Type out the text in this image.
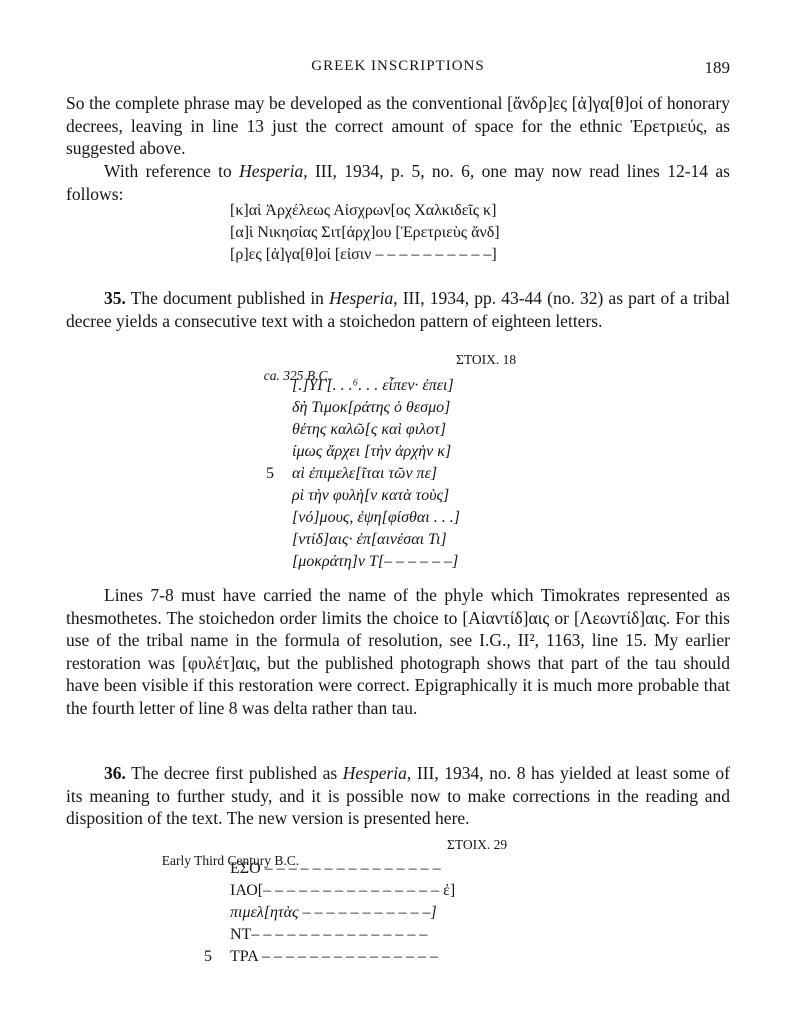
GREEK INSCRIPTIONS	189

So the complete phrase may be developed as the conventional [ἄνδρ]ες [ἀ]γα[θ]οί of honorary decrees, leaving in line 13 just the correct amount of space for the ethnic Ἐρετριεύς, as suggested above.

With reference to Hesperia, III, 1934, p. 5, no. 6, one may now read lines 12-14 as follows:

[κ]αὶ Ἀρχέλεως Αἰσχρων[ος Χαλκιδεῖς κ]
[α]ὶ Νικησίας Σιτ[άρχ]ου [Ἐρετριεὺς ἄνδ]
[ρ]ες [ἀ]γα[θ]οί [εἰσιν – – – – – – – – – –]

35. The document published in Hesperia, III, 1934, pp. 43-44 (no. 32) as part of a tribal decree yields a consecutive text with a stoichedon pattern of eighteen letters.

ca. 325 B.C.

ΣΤΟΙΧ. 18

[.]ΥΓ[. . .⁶. . . εἶπεν· ἐπει]
δὴ Τιμοκ[ράτης ὁ θεσμο]
θέτης καλῶ[ς καὶ φιλοτ]
ίμως ἄρχει [τὴν ἀρχὴν κ]
5 αὶ ἐπιμελε[ῖται τῶν πε]
ρὶ τὴν φυλὴ[ν κατὰ τοὺς]
[νό]μους, ἐψη[φίσθαι . . .]
[ντίδ]αις· ἐπ[αινέσαι Τι]
[μοκράτη]ν Τ[– – – – – –]

Lines 7-8 must have carried the name of the phyle which Timokrates represented as thesmothetes. The stoichedon order limits the choice to [Αἰαντίδ]αις or [Λεωντίδ]αις. For this use of the tribal name in the formula of resolution, see I.G., II², 1163, line 15. My earlier restoration was [φυλέτ]αις, but the published photograph shows that part of the tau should have been visible if this restoration were correct. Epigraphically it is much more probable that the fourth letter of line 8 was delta rather than tau.

36. The decree first published as Hesperia, III, 1934, no. 8 has yielded at least some of its meaning to further study, and it is possible now to make corrections in the reading and disposition of the text. The new version is presented here.

Early Third Century B.C.

ΣΤΟΙΧ. 29

ΕΣΟ – – – – – – – – – – – – – – –
ΙΑΟ[– – – – – – – – – – – – – – – ἐ]
πιμελ[ητὰς – – – – – – – – – – –]
ΝΤ– – – – – – – – – – – – – – –
5 ΤΡΑ – – – – – – – – – – – – – – –
